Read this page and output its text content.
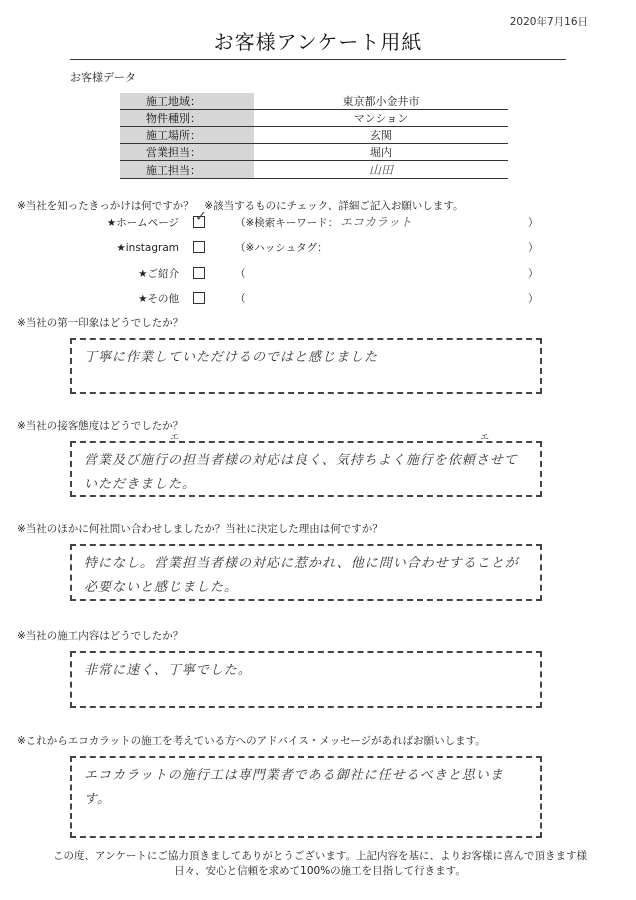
2020年7月16日
お客様アンケート用紙
お客様データ
施工地域：	東京都小金井市
物件種別：	マンション
施工場所：	玄関
営業担当：	堀内
施工担当：	山田
※当社を知ったきっかけは何ですか？　※該当するものにチェック、詳細ご記入お願いします。
★ホームページ ✓	（※検索キーワード： エコカラット	）
★instagram	（※ハッシュタグ：	）
★ご紹介	（	）
★その他	（	）
※当社の第一印象はどうでしたか？
丁寧に作業していただけるのではと感じました
※当社の接客態度はどうでしたか？
エ	エ
営業及び施行の担当者様の対応は良く、気持ちよく施行を依頼させていただきました。
※当社のほかに何社問い合わせしましたか？当社に決定した理由は何ですか？
特になし。営業担当者様の対応に惹かれ、他に問い合わせすることが必要ないと感じました。
※当社の施工内容はどうでしたか？
非常に速く、丁寧でした。
※これからエコカラットの施工を考えている方へのアドバイス・メッセージがあればお願いします。
エコカラットの施行工は専門業者である御社に任せるべきと思います。
この度、アンケートにご協力頂きましてありがとうございます。上記内容を基に、よりお客様に喜んで頂きます様
日々、安心と信頼を求めて100%の施工を目指して行きます。
